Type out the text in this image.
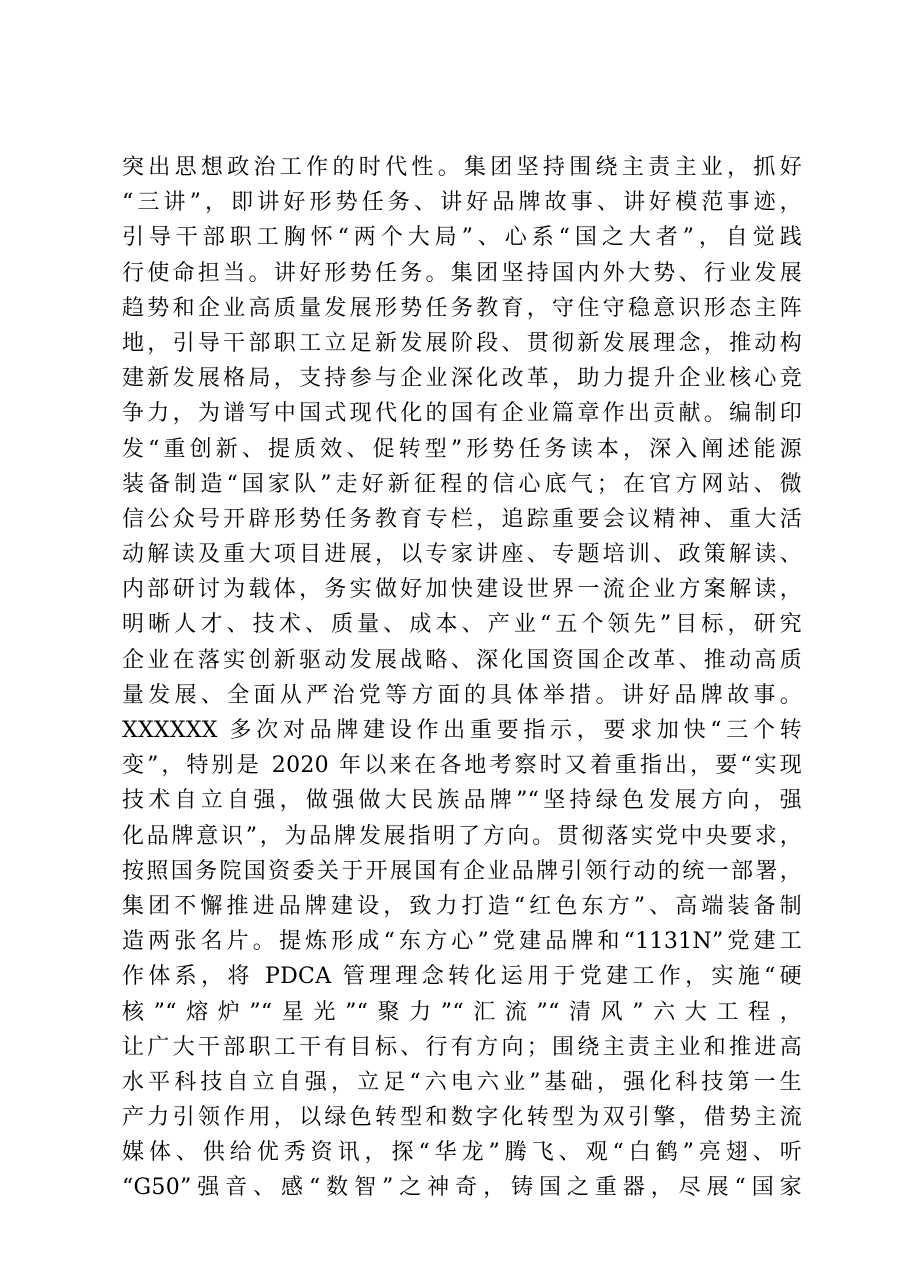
突出思想政治工作的时代性。集团坚持围绕主责主业，抓好
“三讲”，即讲好形势任务、讲好品牌故事、讲好模范事迹，
引导干部职工胸怀“两个大局”、心系“国之大者”，自觉践
行使命担当。讲好形势任务。集团坚持国内外大势、行业发展
趋势和企业高质量发展形势任务教育，守住守稳意识形态主阵
地，引导干部职工立足新发展阶段、贯彻新发展理念，推动构
建新发展格局，支持参与企业深化改革，助力提升企业核心竞
争力，为谱写中国式现代化的国有企业篇章作出贡献。编制印
发“重创新、提质效、促转型”形势任务读本，深入阐述能源
装备制造“国家队”走好新征程的信心底气；在官方网站、微
信公众号开辟形势任务教育专栏，追踪重要会议精神、重大活
动解读及重大项目进展，以专家讲座、专题培训、政策解读、
内部研讨为载体，务实做好加快建设世界一流企业方案解读，
明晰人才、技术、质量、成本、产业“五个领先”目标，研究
企业在落实创新驱动发展战略、深化国资国企改革、推动高质
量发展、全面从严治党等方面的具体举措。讲好品牌故事。
XXXXXX 多次对品牌建设作出重要指示，要求加快“三个转
变”，特别是 2020 年以来在各地考察时又着重指出，要“实现
技术自立自强，做强做大民族品牌”“坚持绿色发展方向，强
化品牌意识”，为品牌发展指明了方向。贯彻落实党中央要求，
按照国务院国资委关于开展国有企业品牌引领行动的统一部署，
集团不懈推进品牌建设，致力打造“红色东方”、高端装备制
造两张名片。提炼形成“东方心”党建品牌和“1131N”党建工
作体系，将 PDCA 管理理念转化运用于党建工作，实施“硬
核”“熔炉”“星光”“聚力”“汇流”“清风”六大工程，
让广大干部职工干有目标、行有方向；围绕主责主业和推进高
水平科技自立自强，立足“六电六业”基础，强化科技第一生
产力引领作用，以绿色转型和数字化转型为双引擎，借势主流
媒体、供给优秀资讯，探“华龙”腾飞、观“白鹤”亮翅、听
“G50”强音、感“数智”之神奇，铸国之重器，尽展“国家
